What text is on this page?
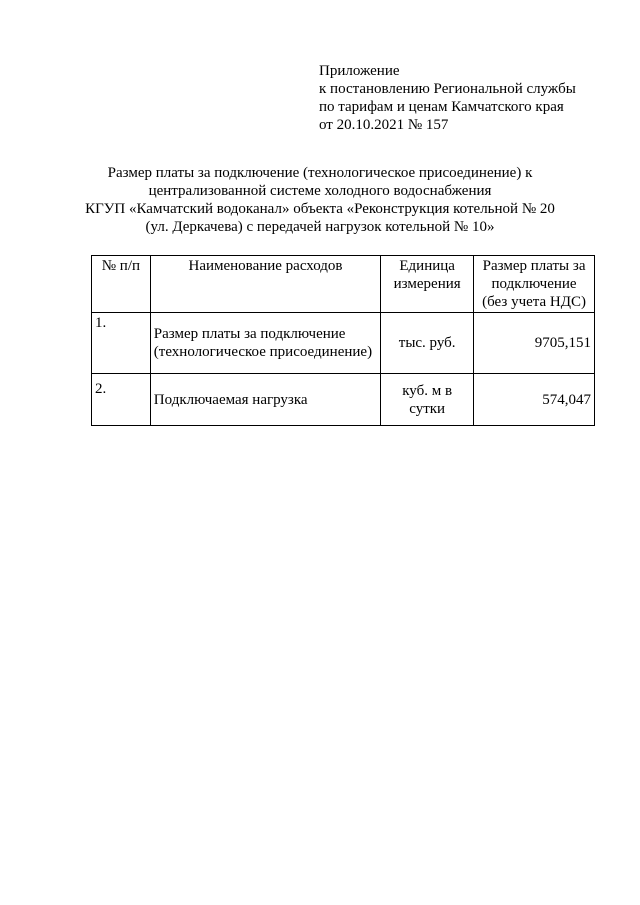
Приложение
к постановлению Региональной службы
по тарифам и ценам Камчатского края
от 20.10.2021 № 157
Размер платы за подключение (технологическое присоединение) к
централизованной системе холодного водоснабжения
КГУП «Камчатский водоканал» объекта «Реконструкция котельной № 20
(ул. Деркачева) с передачей нагрузок котельной № 10»
№ п/п	Наименование расходов	Единица измерения	Размер платы за подключение (без учета НДС)
1.	Размер платы за подключение (технологическое присоединение)	тыс. руб.	9705,151
2.	Подключаемая нагрузка	куб. м в сутки	574,047
